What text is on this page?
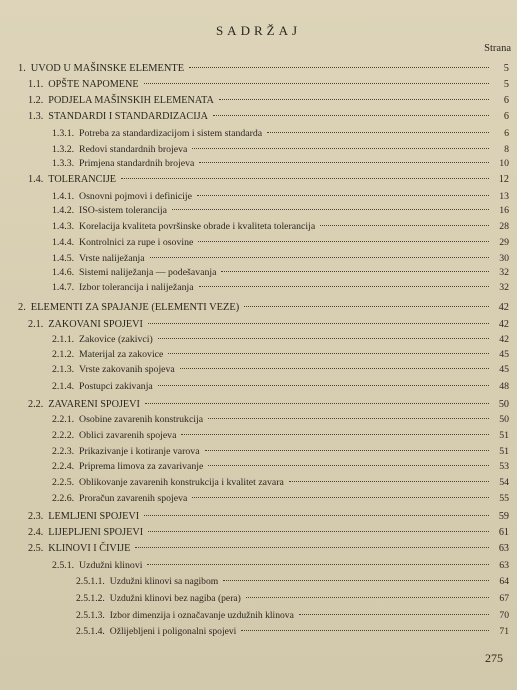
SADRŽAJ
Strana
1. UVOD U MAŠINSKE ELEMENTE	5
1.1. OPŠTE NAPOMENE	5
1.2. PODJELA MAŠINSKIH ELEMENATA	6
1.3. STANDARDI I STANDARDIZACIJA	6
1.3.1. Potreba za standardizacijom i sistem standarda	6
1.3.2. Redovi standardnih brojeva	8
1.3.3. Primjena standardnih brojeva	10
1.4. TOLERANCIJE	12
1.4.1. Osnovni pojmovi i definicije	13
1.4.2. ISO-sistem tolerancija	16
1.4.3. Korelacija kvaliteta površinske obrade i kvaliteta tolerancija	28
1.4.4. Kontrolnici za rupe i osovine	29
1.4.5. Vrste naliježanja	30
1.4.6. Sistemi naliježanja — podešavanja	32
1.4.7. Izbor tolerancija i naliježanja	32
2. ELEMENTI ZA SPAJANJE (ELEMENTI VEZE)	42
2.1. ZAKOVANI SPOJEVI	42
2.1.1. Zakovice (zakivci)	42
2.1.2. Materijal za zakovice	45
2.1.3. Vrste zakovanih spojeva	45
2.1.4. Postupci zakivanja	48
2.2. ZAVARENI SPOJEVI	50
2.2.1. Osobine zavarenih konstrukcija	50
2.2.2. Oblici zavarenih spojeva	51
2.2.3. Prikazivanje i kotiranje varova	51
2.2.4. Priprema limova za zavarivanje	53
2.2.5. Oblikovanje zavarenih konstrukcija i kvalitet zavara	54
2.2.6. Proračun zavarenih spojeva	55
2.3. LEMLJENI SPOJEVI	59
2.4. LIJEPLJENI SPOJEVI	61
2.5. KLINOVI I ČIVIJE	63
2.5.1. Uzdužni klinovi	63
2.5.1.1. Uzdužni klinovi sa nagibom	64
2.5.1.2. Uzdužni klinovi bez nagiba (pera)	67
2.5.1.3. Izbor dimenzija i označavanje uzdužnih klinova	70
2.5.1.4. Ožlijebljeni i poligonalni spojevi	71
275
